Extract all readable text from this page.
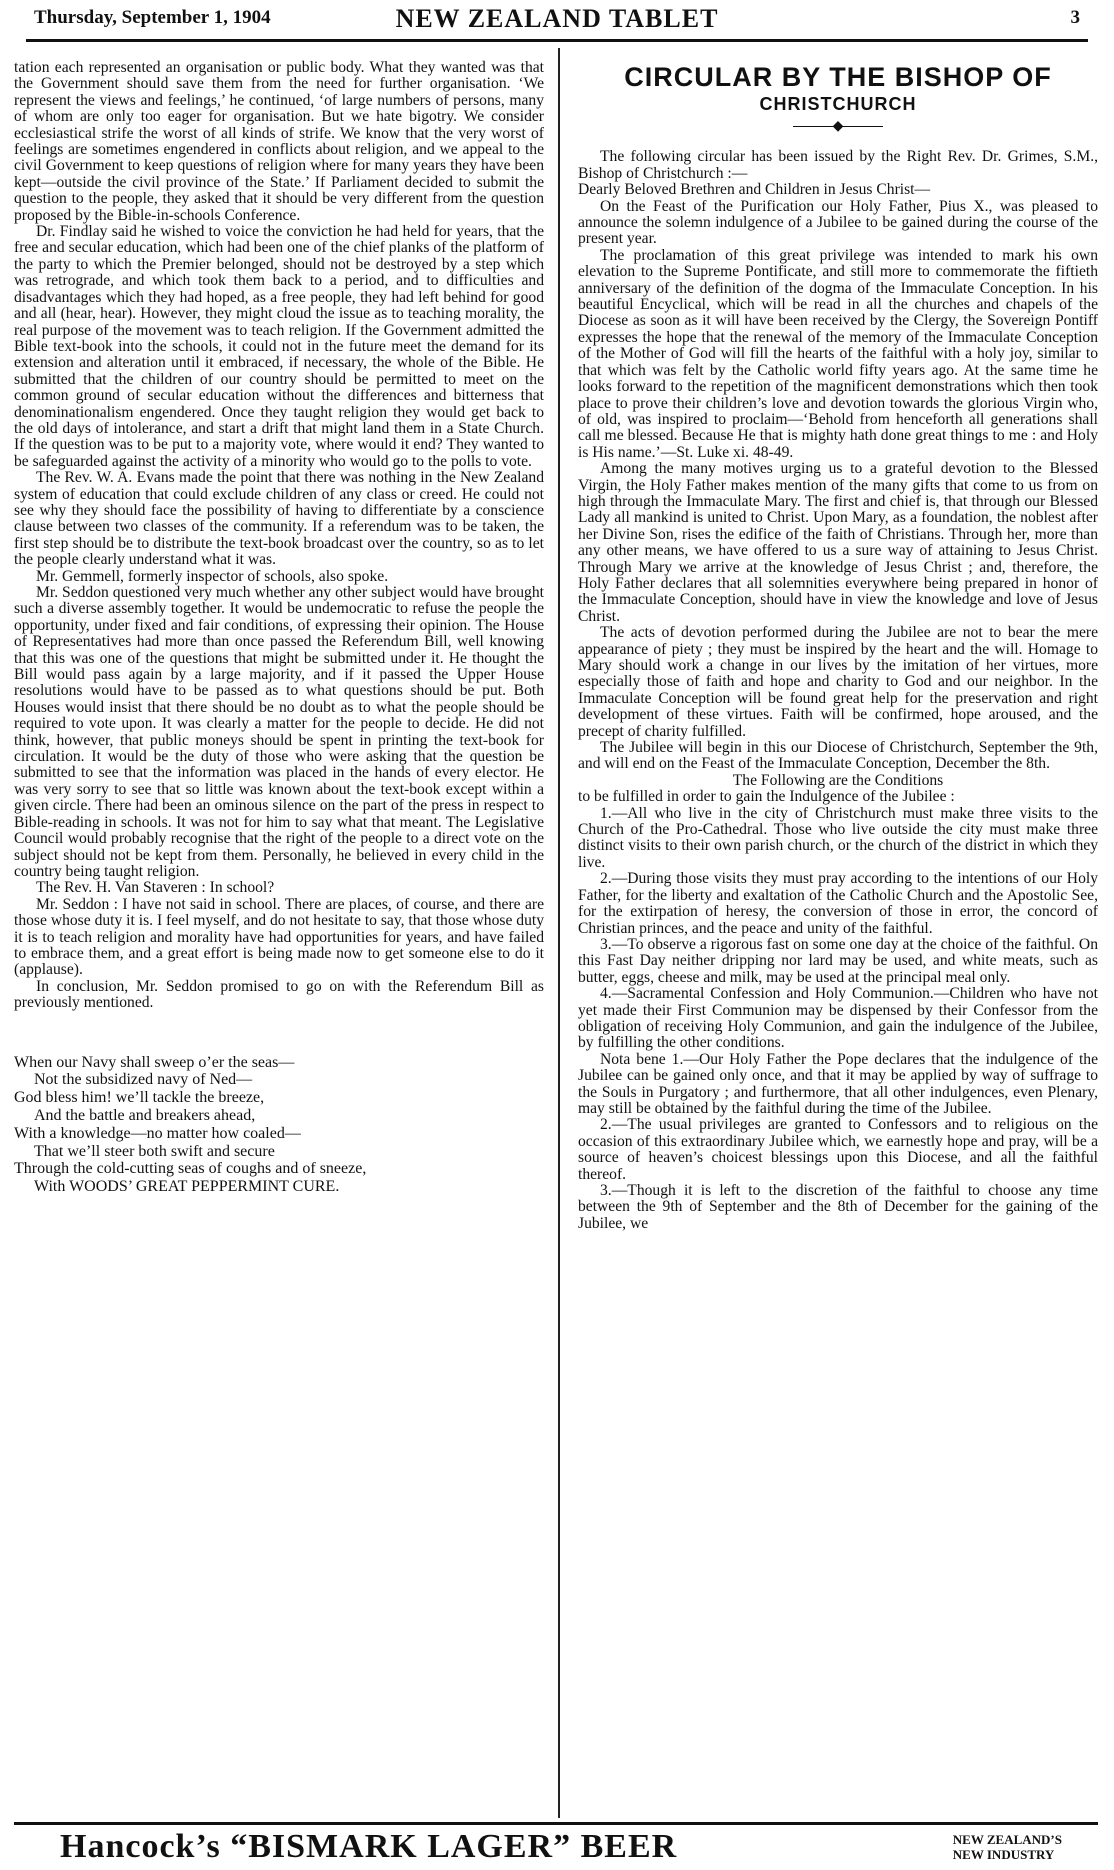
Thursday, September 1, 1904	NEW ZEALAND TABLET	3

tation each represented an organisation or public body. What they wanted was that the Government should save them from the need for further organisation. ‘We represent the views and feelings,’ he continued, ‘of large numbers of persons, many of whom are only too eager for organisation. But we hate bigotry. We consider ecclesiastical strife the worst of all kinds of strife. We know that the very worst of feelings are sometimes engendered in conflicts about religion, and we appeal to the civil Government to keep questions of religion where for many years they have been kept—outside the civil province of the State.’ If Parliament decided to submit the question to the people, they asked that it should be very different from the question proposed by the Bible-in-schools Conference.

Dr. Findlay said he wished to voice the conviction he had held for years, that the free and secular education, which had been one of the chief planks of the platform of the party to which the Premier belonged, should not be destroyed by a step which was retrograde, and which took them back to a period, and to difficulties and disadvantages which they had hoped, as a free people, they had left behind for good and all (hear, hear). However, they might cloud the issue as to teaching morality, the real purpose of the movement was to teach religion. If the Government admitted the Bible text-book into the schools, it could not in the future meet the demand for its extension and alteration until it embraced, if necessary, the whole of the Bible. He submitted that the children of our country should be permitted to meet on the common ground of secular education without the differences and bitterness that denominationalism engendered. Once they taught religion they would get back to the old days of intolerance, and start a drift that might land them in a State Church. If the question was to be put to a majority vote, where would it end? They wanted to be safeguarded against the activity of a minority who would go to the polls to vote.

The Rev. W. A. Evans made the point that there was nothing in the New Zealand system of education that could exclude children of any class or creed. He could not see why they should face the possibility of having to differentiate by a conscience clause between two classes of the community. If a referendum was to be taken, the first step should be to distribute the text-book broadcast over the country, so as to let the people clearly understand what it was.

Mr. Gemmell, formerly inspector of schools, also spoke.

Mr. Seddon questioned very much whether any other subject would have brought such a diverse assembly together. It would be undemocratic to refuse the people the opportunity, under fixed and fair conditions, of expressing their opinion. The House of Representatives had more than once passed the Referendum Bill, well knowing that this was one of the questions that might be submitted under it. He thought the Bill would pass again by a large majority, and if it passed the Upper House resolutions would have to be passed as to what questions should be put. Both Houses would insist that there should be no doubt as to what the people should be required to vote upon. It was clearly a matter for the people to decide. He did not think, however, that public moneys should be spent in printing the text-book for circulation. It would be the duty of those who were asking that the question be submitted to see that the information was placed in the hands of every elector. He was very sorry to see that so little was known about the text-book except within a given circle. There had been an ominous silence on the part of the press in respect to Bible-reading in schools. It was not for him to say what that meant. The Legislative Council would probably recognise that the right of the people to a direct vote on the subject should not be kept from them. Personally, he believed in every child in the country being taught religion.

The Rev. H. Van Staveren : In school?

Mr. Seddon : I have not said in school. There are places, of course, and there are those whose duty it is. I feel myself, and do not hesitate to say, that those whose duty it is to teach religion and morality have had opportunities for years, and have failed to embrace them, and a great effort is being made now to get someone else to do it (applause).

In conclusion, Mr. Seddon promised to go on with the Referendum Bill as previously mentioned.

When our Navy shall sweep o’er the seas—
Not the subsidized navy of Ned—
God bless him! we’ll tackle the breeze,
And the battle and breakers ahead,
With a knowledge—no matter how coaled—
That we’ll steer both swift and secure
Through the cold-cutting seas of coughs and of sneeze,
With WOODS’ GREAT PEPPERMINT CURE.
CIRCULAR BY THE BISHOP OF
CHRISTCHURCH
◆

The following circular has been issued by the Right Rev. Dr. Grimes, S.M., Bishop of Christchurch :—

Dearly Beloved Brethren and Children in Jesus Christ—

On the Feast of the Purification our Holy Father, Pius X., was pleased to announce the solemn indulgence of a Jubilee to be gained during the course of the present year.

The proclamation of this great privilege was intended to mark his own elevation to the Supreme Pontificate, and still more to commemorate the fiftieth anniversary of the definition of the dogma of the Immaculate Conception. In his beautiful Encyclical, which will be read in all the churches and chapels of the Diocese as soon as it will have been received by the Clergy, the Sovereign Pontiff expresses the hope that the renewal of the memory of the Immaculate Conception of the Mother of God will fill the hearts of the faithful with a holy joy, similar to that which was felt by the Catholic world fifty years ago. At the same time he looks forward to the repetition of the magnificent demonstrations which then took place to prove their children’s love and devotion towards the glorious Virgin who, of old, was inspired to proclaim—‘Behold from henceforth all generations shall call me blessed. Because He that is mighty hath done great things to me : and Holy is His name.’—St. Luke xi. 48-49.

Among the many motives urging us to a grateful devotion to the Blessed Virgin, the Holy Father makes mention of the many gifts that come to us from on high through the Immaculate Mary. The first and chief is, that through our Blessed Lady all mankind is united to Christ. Upon Mary, as a foundation, the noblest after her Divine Son, rises the edifice of the faith of Christians. Through her, more than any other means, we have offered to us a sure way of attaining to Jesus Christ. Through Mary we arrive at the knowledge of Jesus Christ ; and, therefore, the Holy Father declares that all solemnities everywhere being prepared in honor of the Immaculate Conception, should have in view the knowledge and love of Jesus Christ.

The acts of devotion performed during the Jubilee are not to bear the mere appearance of piety ; they must be inspired by the heart and the will. Homage to Mary should work a change in our lives by the imitation of her virtues, more especially those of faith and hope and charity to God and our neighbor. In the Immaculate Conception will be found great help for the preservation and right development of these virtues. Faith will be confirmed, hope aroused, and the precept of charity fulfilled.

The Jubilee will begin in this our Diocese of Christchurch, September the 9th, and will end on the Feast of the Immaculate Conception, December the 8th.

The Following are the Conditions

to be fulfilled in order to gain the Indulgence of the Jubilee :

1.—All who live in the city of Christchurch must make three visits to the Church of the Pro-Cathedral. Those who live outside the city must make three distinct visits to their own parish church, or the church of the district in which they live.

2.—During those visits they must pray according to the intentions of our Holy Father, for the liberty and exaltation of the Catholic Church and the Apostolic See, for the extirpation of heresy, the conversion of those in error, the concord of Christian princes, and the peace and unity of the faithful.

3.—To observe a rigorous fast on some one day at the choice of the faithful. On this Fast Day neither dripping nor lard may be used, and white meats, such as butter, eggs, cheese and milk, may be used at the principal meal only.

4.—Sacramental Confession and Holy Communion.—Children who have not yet made their First Communion may be dispensed by their Confessor from the obligation of receiving Holy Communion, and gain the indulgence of the Jubilee, by fulfilling the other conditions.

Nota bene 1.—Our Holy Father the Pope declares that the indulgence of the Jubilee can be gained only once, and that it may be applied by way of suffrage to the Souls in Purgatory ; and furthermore, that all other indulgences, even Plenary, may still be obtained by the faithful during the time of the Jubilee.

2.—The usual privileges are granted to Confessors and to religious on the occasion of this extraordinary Jubilee which, we earnestly hope and pray, will be a source of heaven’s choicest blessings upon this Diocese, and all the faithful thereof.

3.—Though it is left to the discretion of the faithful to choose any time between the 9th of September and the 8th of December for the gaining of the Jubilee, we

Hancock’s “BISMARK LAGER” BEER	NEW ZEALAND’S
NEW INDUSTRY
